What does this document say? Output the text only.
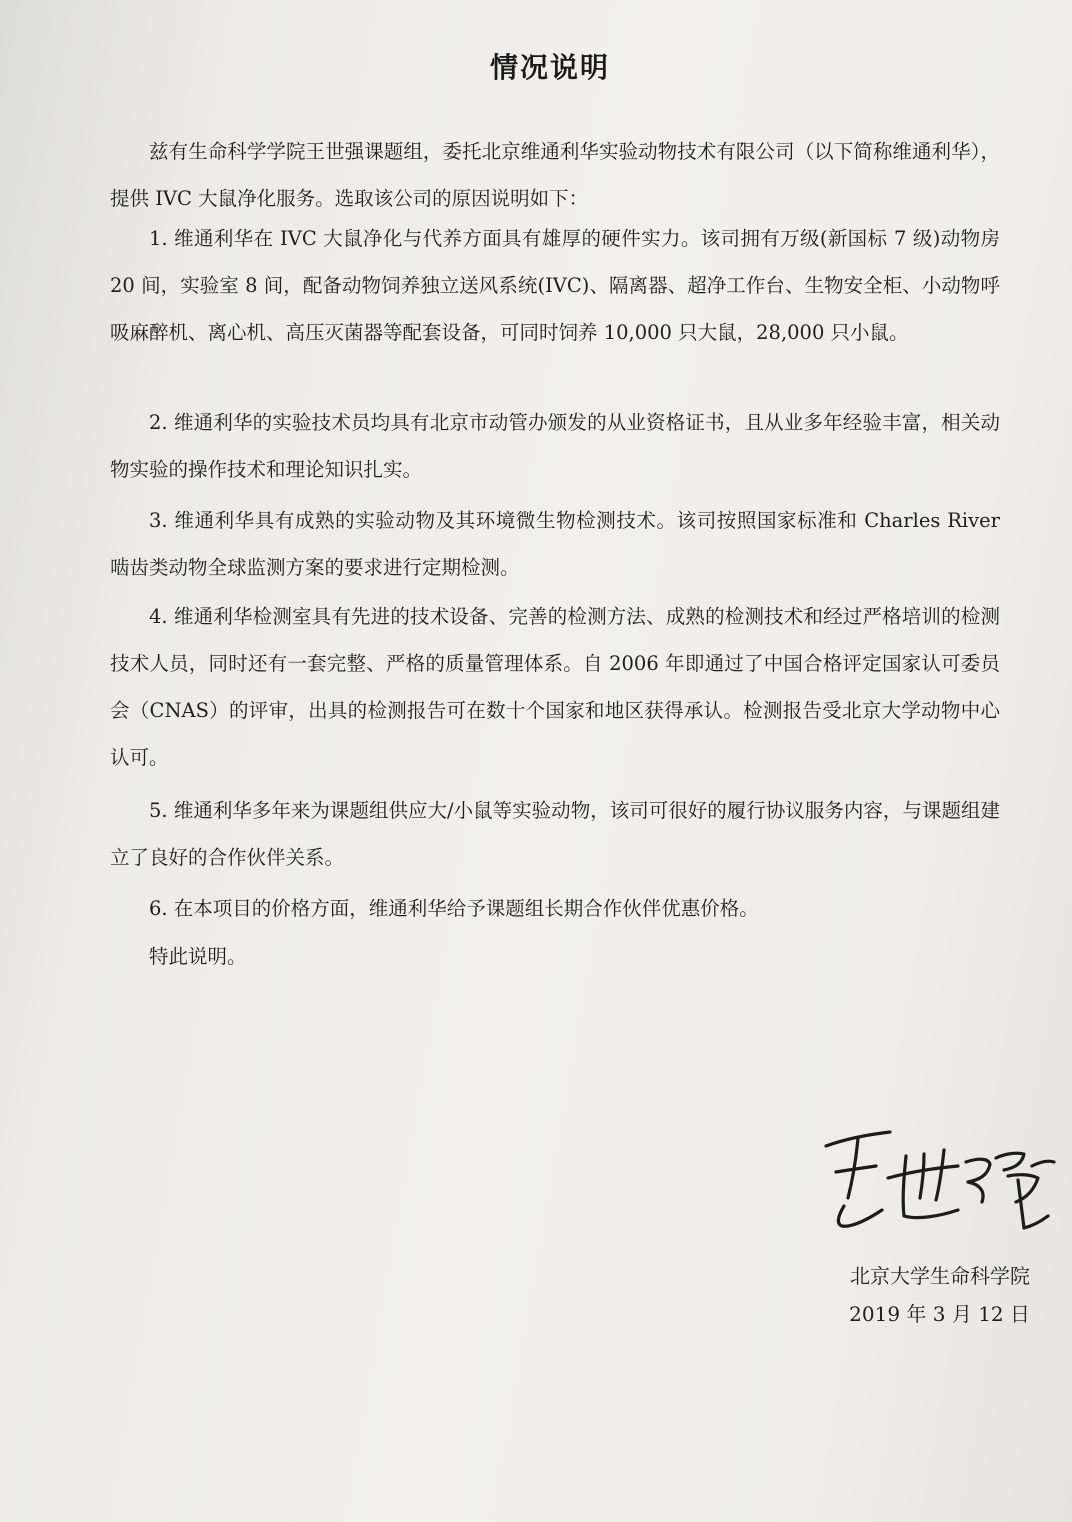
情况说明

兹有生命科学学院王世强课题组，委托北京维通利华实验动物技术有限公司（以下简称维通利华），提供 IVC 大鼠净化服务。选取该公司的原因说明如下：

1. 维通利华在 IVC 大鼠净化与代养方面具有雄厚的硬件实力。该司拥有万级(新国标 7 级)动物房 20 间，实验室 8 间，配备动物饲养独立送风系统(IVC)、隔离器、超净工作台、生物安全柜、小动物呼吸麻醉机、离心机、高压灭菌器等配套设备，可同时饲养 10,000 只大鼠，28,000 只小鼠。

2. 维通利华的实验技术员均具有北京市动管办颁发的从业资格证书，且从业多年经验丰富，相关动物实验的操作技术和理论知识扎实。

3. 维通利华具有成熟的实验动物及其环境微生物检测技术。该司按照国家标准和 Charles River 啮齿类动物全球监测方案的要求进行定期检测。

4. 维通利华检测室具有先进的技术设备、完善的检测方法、成熟的检测技术和经过严格培训的检测技术人员，同时还有一套完整、严格的质量管理体系。自 2006 年即通过了中国合格评定国家认可委员会（CNAS）的评审，出具的检测报告可在数十个国家和地区获得承认。检测报告受北京大学动物中心认可。

5. 维通利华多年来为课题组供应大/小鼠等实验动物，该司可很好的履行协议服务内容，与课题组建立了良好的合作伙伴关系。

6. 在本项目的价格方面，维通利华给予课题组长期合作伙伴优惠价格。

特此说明。
北京大学生命科学院
2019 年 3 月 12 日
